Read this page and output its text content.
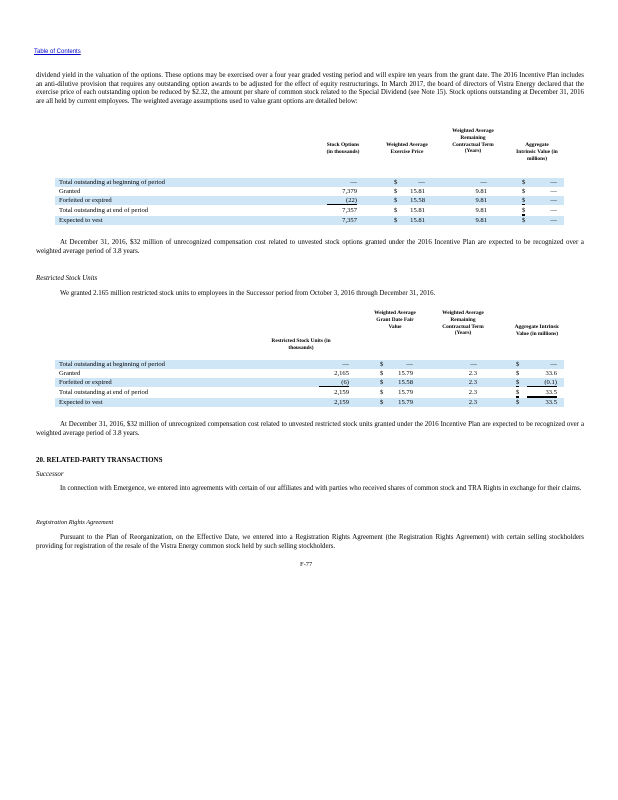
Table of Contents
dividend yield in the valuation of the options. These options may be exercised over a four year graded vesting period and will expire ten years from the grant date. The 2016 Incentive Plan includes an anti-dilutive provision that requires any outstanding option awards to be adjusted for the effect of equity restructurings. In March 2017, the board of directors of Vistra Energy declared that the exercise price of each outstanding option be reduced by $2.32, the amount per share of common stock related to the Special Dividend (see Note 15). Stock options outstanding at December 31, 2016 are all held by current employees. The weighted average assumptions used to value grant options are detailed below:
Stock Options (in thousands)
Weighted Average Exercise Price
Weighted Average Remaining Contractual Term (Years)
Aggregate Intrinsic Value (in millions)
Total outstanding at beginning of period	—	$	—	—	$	—
Granted	7,379	$	15.81	9.81	$	—
Forfeited or expired	(22)	$	15.58	9.81	$	—
Total outstanding at end of period	7,357	$	15.81	9.81	$	—
Expected to vest	7,357	$	15.81	9.81	$	—
At December 31, 2016, $32 million of unrecognized compensation cost related to unvested stock options granted under the 2016 Incentive Plan are expected to be recognized over a weighted average period of 3.8 years.
Restricted Stock Units
We granted 2.165 million restricted stock units to employees in the Successor period from October 3, 2016 through December 31, 2016.
Restricted Stock Units (in thousands)
Weighted Average Grant Date Fair Value
Weighted Average Remaining Contractual Term (Years)
Aggregate Intrinsic Value (in millions)
Total outstanding at beginning of period	—	$	—	—	$	—
Granted	2,165	$	15.79	2.3	$	33.6
Forfeited or expired	(6)	$	15.58	2.3	$	(0.1)
Total outstanding at end of period	2,159	$	15.79	2.3	$	33.5
Expected to vest	2,159	$	15.79	2.3	$	33.5
At December 31, 2016, $32 million of unrecognized compensation cost related to unvested restricted stock units granted under the 2016 Incentive Plan are expected to be recognized over a weighted average period of 3.8 years.
20. RELATED-PARTY TRANSACTIONS
Successor
In connection with Emergence, we entered into agreements with certain of our affiliates and with parties who received shares of common stock and TRA Rights in exchange for their claims.
Registration Rights Agreement
Pursuant to the Plan of Reorganization, on the Effective Date, we entered into a Registration Rights Agreement (the Registration Rights Agreement) with certain selling stockholders providing for registration of the resale of the Vistra Energy common stock held by such selling stockholders.
F-77
